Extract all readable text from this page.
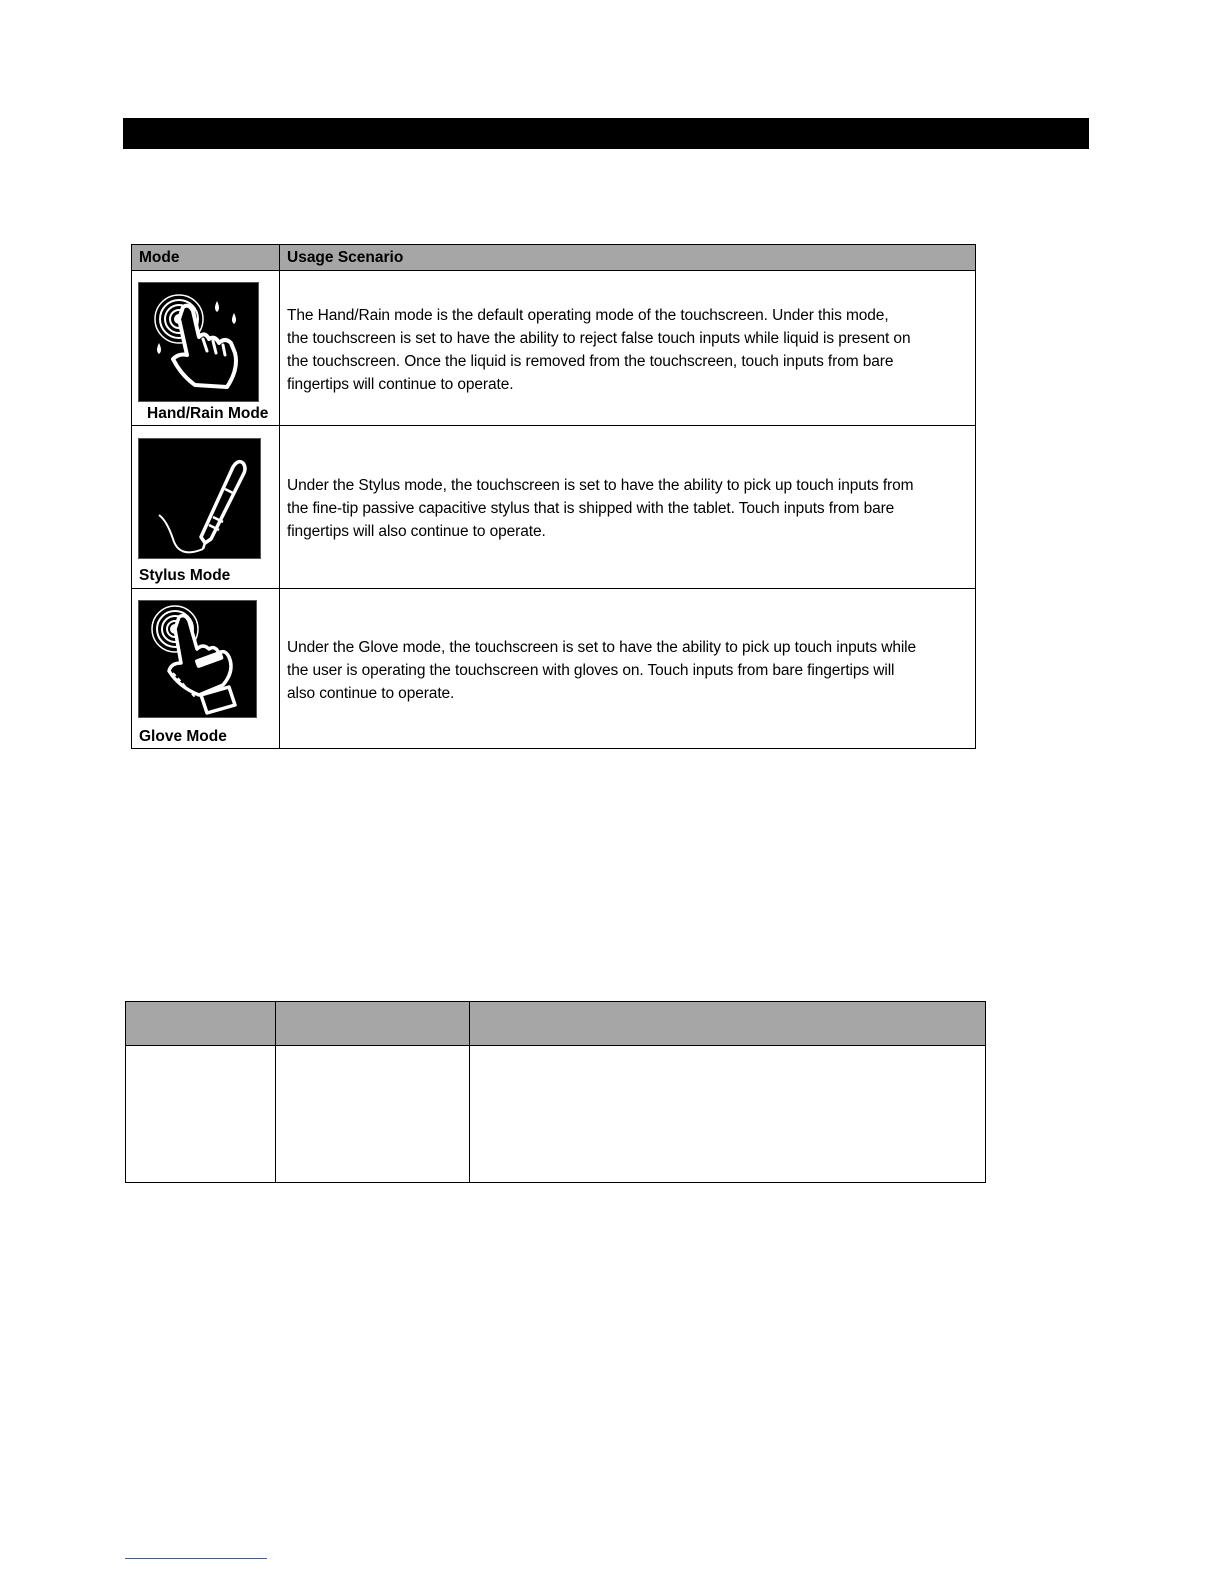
Mode	Usage Scenario

Hand/Rain Mode	The Hand/Rain mode is the default operating mode of the touchscreen. Under this mode,
the touchscreen is set to have the ability to reject false touch inputs while liquid is present on
the touchscreen. Once the liquid is removed from the touchscreen, touch inputs from bare
fingertips will continue to operate.

Stylus Mode	Under the Stylus mode, the touchscreen is set to have the ability to pick up touch inputs from
the fine-tip passive capacitive stylus that is shipped with the tablet. Touch inputs from bare
fingertips will also continue to operate.

Glove Mode	Under the Glove mode, the touchscreen is set to have the ability to pick up touch inputs while
the user is operating the touchscreen with gloves on. Touch inputs from bare fingertips will
also continue to operate.
